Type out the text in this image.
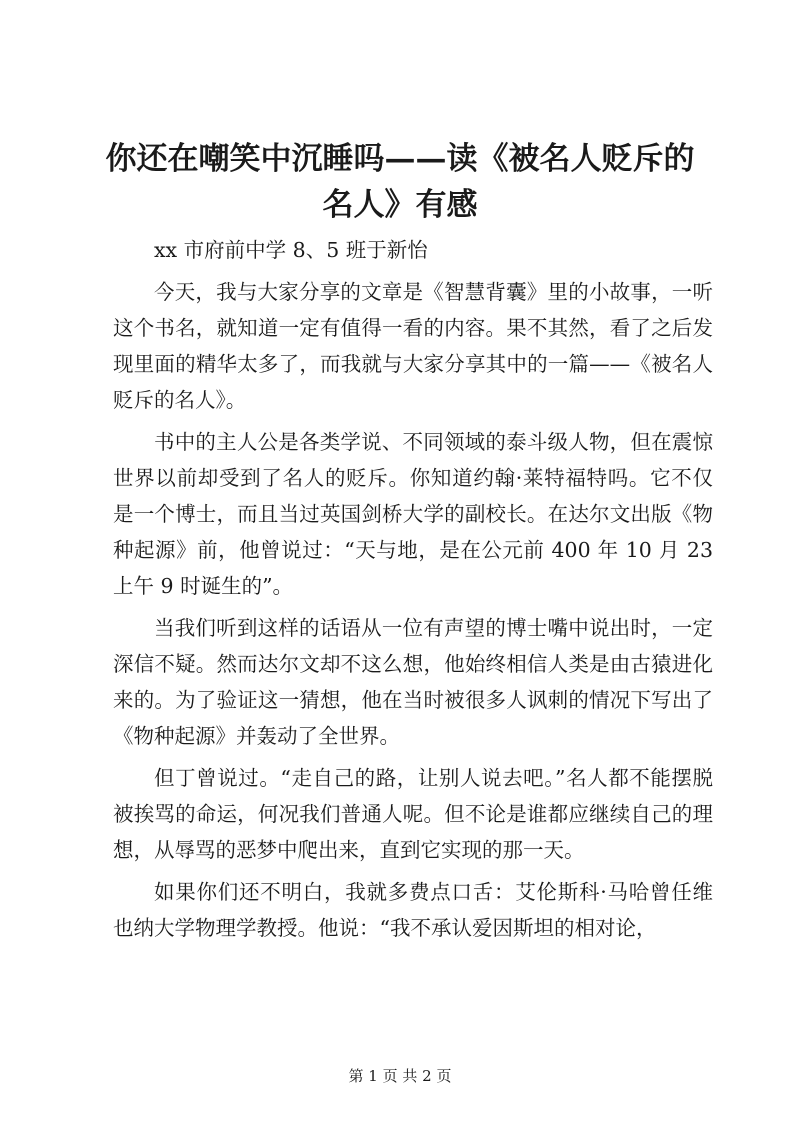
你还在嘲笑中沉睡吗——读《被名人贬斥的名人》有感

xx 市府前中学 8、5 班于新怡

今天，我与大家分享的文章是《智慧背囊》里的小故事，一听这个书名，就知道一定有值得一看的内容。果不其然，看了之后发现里面的精华太多了，而我就与大家分享其中的一篇——《被名人贬斥的名人》。

书中的主人公是各类学说、不同领域的泰斗级人物，但在震惊世界以前却受到了名人的贬斥。你知道约翰·莱特福特吗。它不仅是一个博士，而且当过英国剑桥大学的副校长。在达尔文出版《物种起源》前，他曾说过：“天与地，是在公元前 400 年 10 月 23 上午 9 时诞生的”。

当我们听到这样的话语从一位有声望的博士嘴中说出时，一定深信不疑。然而达尔文却不这么想，他始终相信人类是由古猿进化来的。为了验证这一猜想，他在当时被很多人讽刺的情况下写出了《物种起源》并轰动了全世界。

但丁曾说过。“走自己的路，让别人说去吧。”名人都不能摆脱被挨骂的命运，何况我们普通人呢。但不论是谁都应继续自己的理想，从辱骂的恶梦中爬出来，直到它实现的那一天。

如果你们还不明白，我就多费点口舌：艾伦斯科·马哈曾任维也纳大学物理学教授。他说：“我不承认爱因斯坦的相对论，

第 1 页 共 2 页
